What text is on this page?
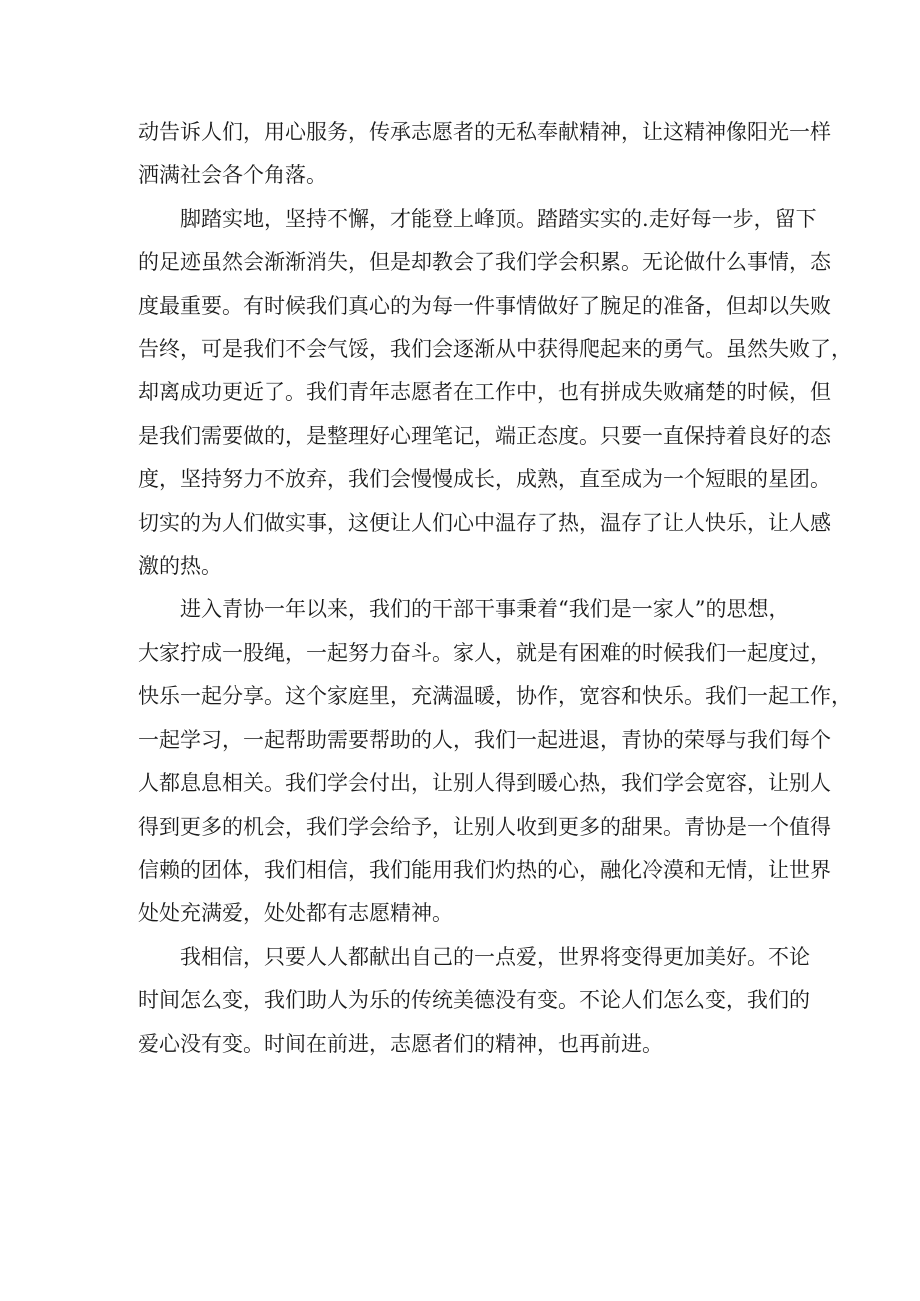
动告诉人们，用心服务，传承志愿者的无私奉献精神，让这精神像阳光一样
洒满社会各个角落。

脚踏实地，坚持不懈，才能登上峰顶。踏踏实实的.走好每一步，留下
的足迹虽然会渐渐消失，但是却教会了我们学会积累。无论做什么事情，态
度最重要。有时候我们真心的为每一件事情做好了腕足的准备，但却以失败
告终，可是我们不会气馁，我们会逐渐从中获得爬起来的勇气。虽然失败了，
却离成功更近了。我们青年志愿者在工作中，也有拼成失败痛楚的时候，但
是我们需要做的，是整理好心理笔记，端正态度。只要一直保持着良好的态
度，坚持努力不放弃，我们会慢慢成长，成熟，直至成为一个短眼的星团。
切实的为人们做实事，这便让人们心中温存了热，温存了让人快乐，让人感
激的热。

进入青协一年以来，我们的干部干事秉着“我们是一家人”的思想，
大家拧成一股绳，一起努力奋斗。家人，就是有困难的时候我们一起度过，
快乐一起分享。这个家庭里，充满温暖，协作，宽容和快乐。我们一起工作，
一起学习，一起帮助需要帮助的人，我们一起进退，青协的荣辱与我们每个
人都息息相关。我们学会付出，让别人得到暖心热，我们学会宽容，让别人
得到更多的机会，我们学会给予，让别人收到更多的甜果。青协是一个值得
信赖的团体，我们相信，我们能用我们灼热的心，融化冷漠和无情，让世界
处处充满爱，处处都有志愿精神。

我相信，只要人人都献出自己的一点爱，世界将变得更加美好。不论
时间怎么变，我们助人为乐的传统美德没有变。不论人们怎么变，我们的
爱心没有变。时间在前进，志愿者们的精神，也再前进。
